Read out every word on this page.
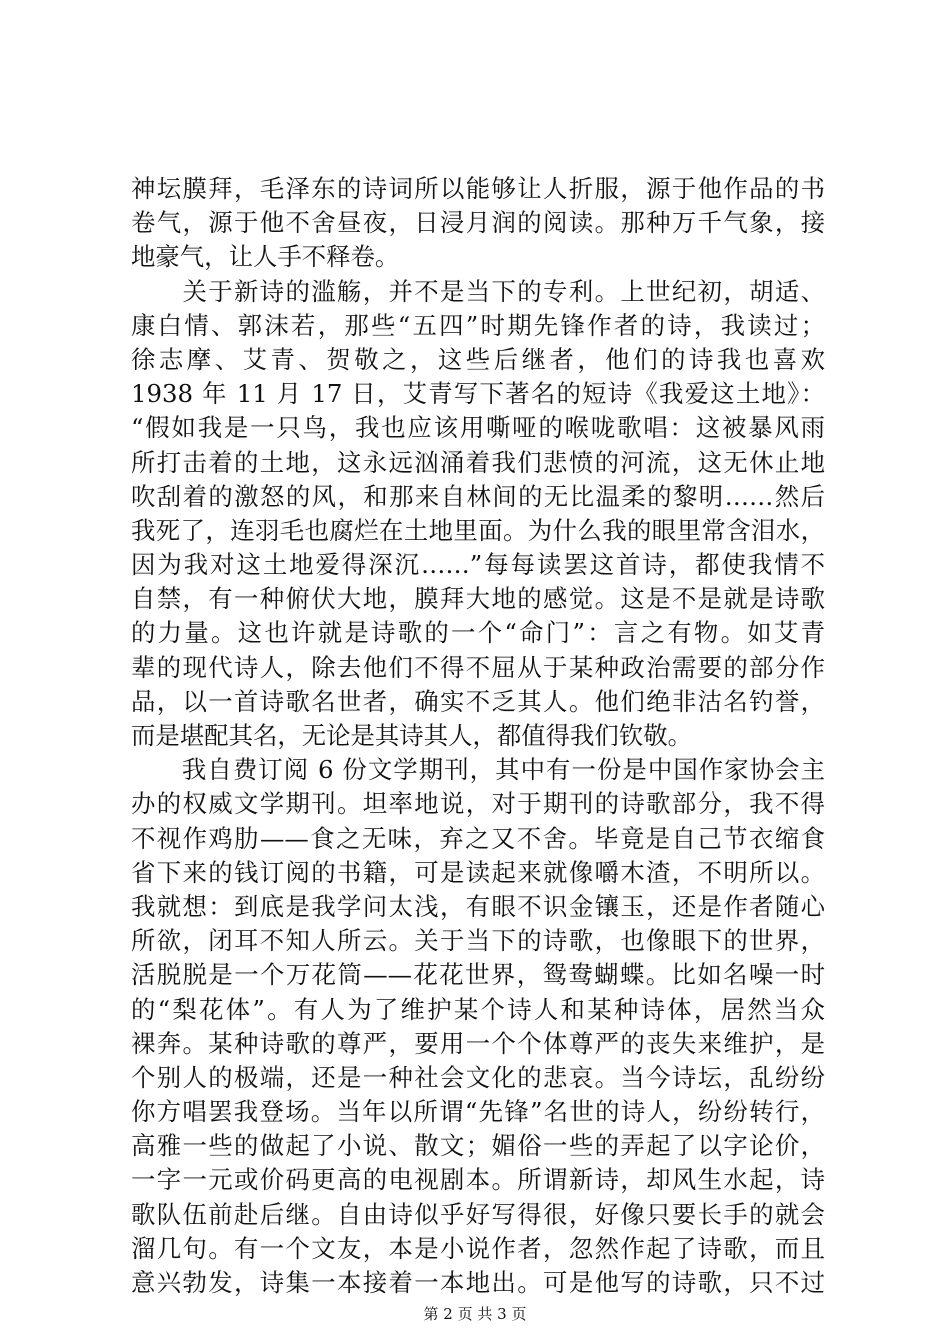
神坛膜拜，毛泽东的诗词所以能够让人折服，源于他作品的书
卷气，源于他不舍昼夜，日浸月润的阅读。那种万千气象，接
地豪气，让人手不释卷。
　　关于新诗的滥觞，并不是当下的专利。上世纪初，胡适、
康白情、郭沫若，那些“五四”时期先锋作者的诗，我读过；
徐志摩、艾青、贺敬之，这些后继者，他们的诗我也喜欢
1938 年 11 月 17 日，艾青写下著名的短诗《我爱这土地》：
“假如我是一只鸟，我也应该用嘶哑的喉咙歌唱：这被暴风雨
所打击着的土地，这永远汹涌着我们悲愤的河流，这无休止地
吹刮着的激怒的风，和那来自林间的无比温柔的黎明……然后
我死了，连羽毛也腐烂在土地里面。为什么我的眼里常含泪水，
因为我对这土地爱得深沉……”每每读罢这首诗，都使我情不
自禁，有一种俯伏大地，膜拜大地的感觉。这是不是就是诗歌
的力量。这也许就是诗歌的一个“命门”：言之有物。如艾青
辈的现代诗人，除去他们不得不屈从于某种政治需要的部分作
品，以一首诗歌名世者，确实不乏其人。他们绝非沽名钓誉，
而是堪配其名，无论是其诗其人，都值得我们钦敬。
　　我自费订阅 6 份文学期刊，其中有一份是中国作家协会主
办的权威文学期刊。坦率地说，对于期刊的诗歌部分，我不得
不视作鸡肋——食之无味，弃之又不舍。毕竟是自己节衣缩食
省下来的钱订阅的书籍，可是读起来就像嚼木渣，不明所以。
我就想：到底是我学问太浅，有眼不识金镶玉，还是作者随心
所欲，闭耳不知人所云。关于当下的诗歌，也像眼下的世界，
活脱脱是一个万花筒——花花世界，鸳鸯蝴蝶。比如名噪一时
的“梨花体”。有人为了维护某个诗人和某种诗体，居然当众
裸奔。某种诗歌的尊严，要用一个个体尊严的丧失来维护，是
个别人的极端，还是一种社会文化的悲哀。当今诗坛，乱纷纷
你方唱罢我登场。当年以所谓“先锋”名世的诗人，纷纷转行，
高雅一些的做起了小说、散文；媚俗一些的弄起了以字论价，
一字一元或价码更高的电视剧本。所谓新诗，却风生水起，诗
歌队伍前赴后继。自由诗似乎好写得很，好像只要长手的就会
溜几句。有一个文友，本是小说作者，忽然作起了诗歌，而且
意兴勃发，诗集一本接着一本地出。可是他写的诗歌，只不过
第 2 页 共 3 页
